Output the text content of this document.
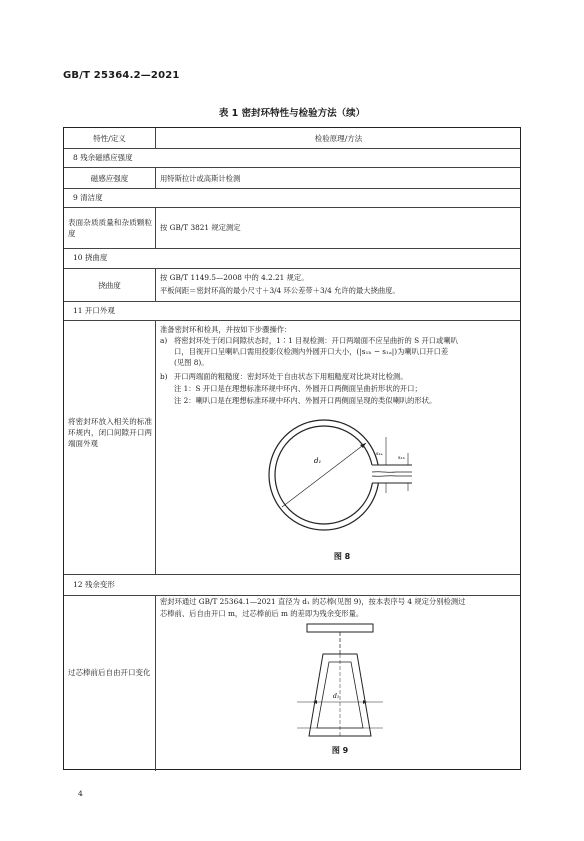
GB/T 25364.2—2021
表 1 密封环特性与检验方法（续）
特性/定义	检验原理/方法
8 残余磁感应强度
磁感应强度	用特斯拉计或高斯计检测
9 清洁度
表面杂质质量和杂质颗粒度
按 GB/T 3821 规定测定
10 挠曲度
挠曲度
按 GB/T 1149.5—2008 中的 4.2.21 规定。
平板间距＝密封环高的最小尺寸＋3/4 环公差带＋3/4 允许的最大挠曲度。
11 开口外观
将密封环放入相关的标准环规内，闭口间隙开口两端面外观
准备密封环和检具，并按如下步骤操作：
a) 将密封环处于闭口间隙状态时，1∶1 目视检测：开口两端面不应呈曲折的 S 开口或喇叭
口，目视开口呈喇叭口需用投影仪检测内外圆开口大小，(|s₁ₕ − s₁ₐ|)为喇叭口开口差
(见图 8)。
b) 开口两端面的粗糙度：密封环处于自由状态下用粗糙度对比块对比检测。
注 1：S 开口是在理想标准环规中环内、外圆开口两侧面呈曲折形状的开口；
注 2：喇叭口是在理想标准环规中环内、外圆开口两侧面呈现的类似喇叭的形状。
d₁
s₁ₐ
s₁ₕ
图 8
12 残余变形
过芯棒前后自由开口变化
密封环通过 GB/T 25364.1—2021 直径为 d₁ 的芯棒(见图 9)，按本表序号 4 规定分别检测过
芯棒前、后自由开口 m，过芯棒前后 m 的差即为残余变形量。
d₁
图 9
4
